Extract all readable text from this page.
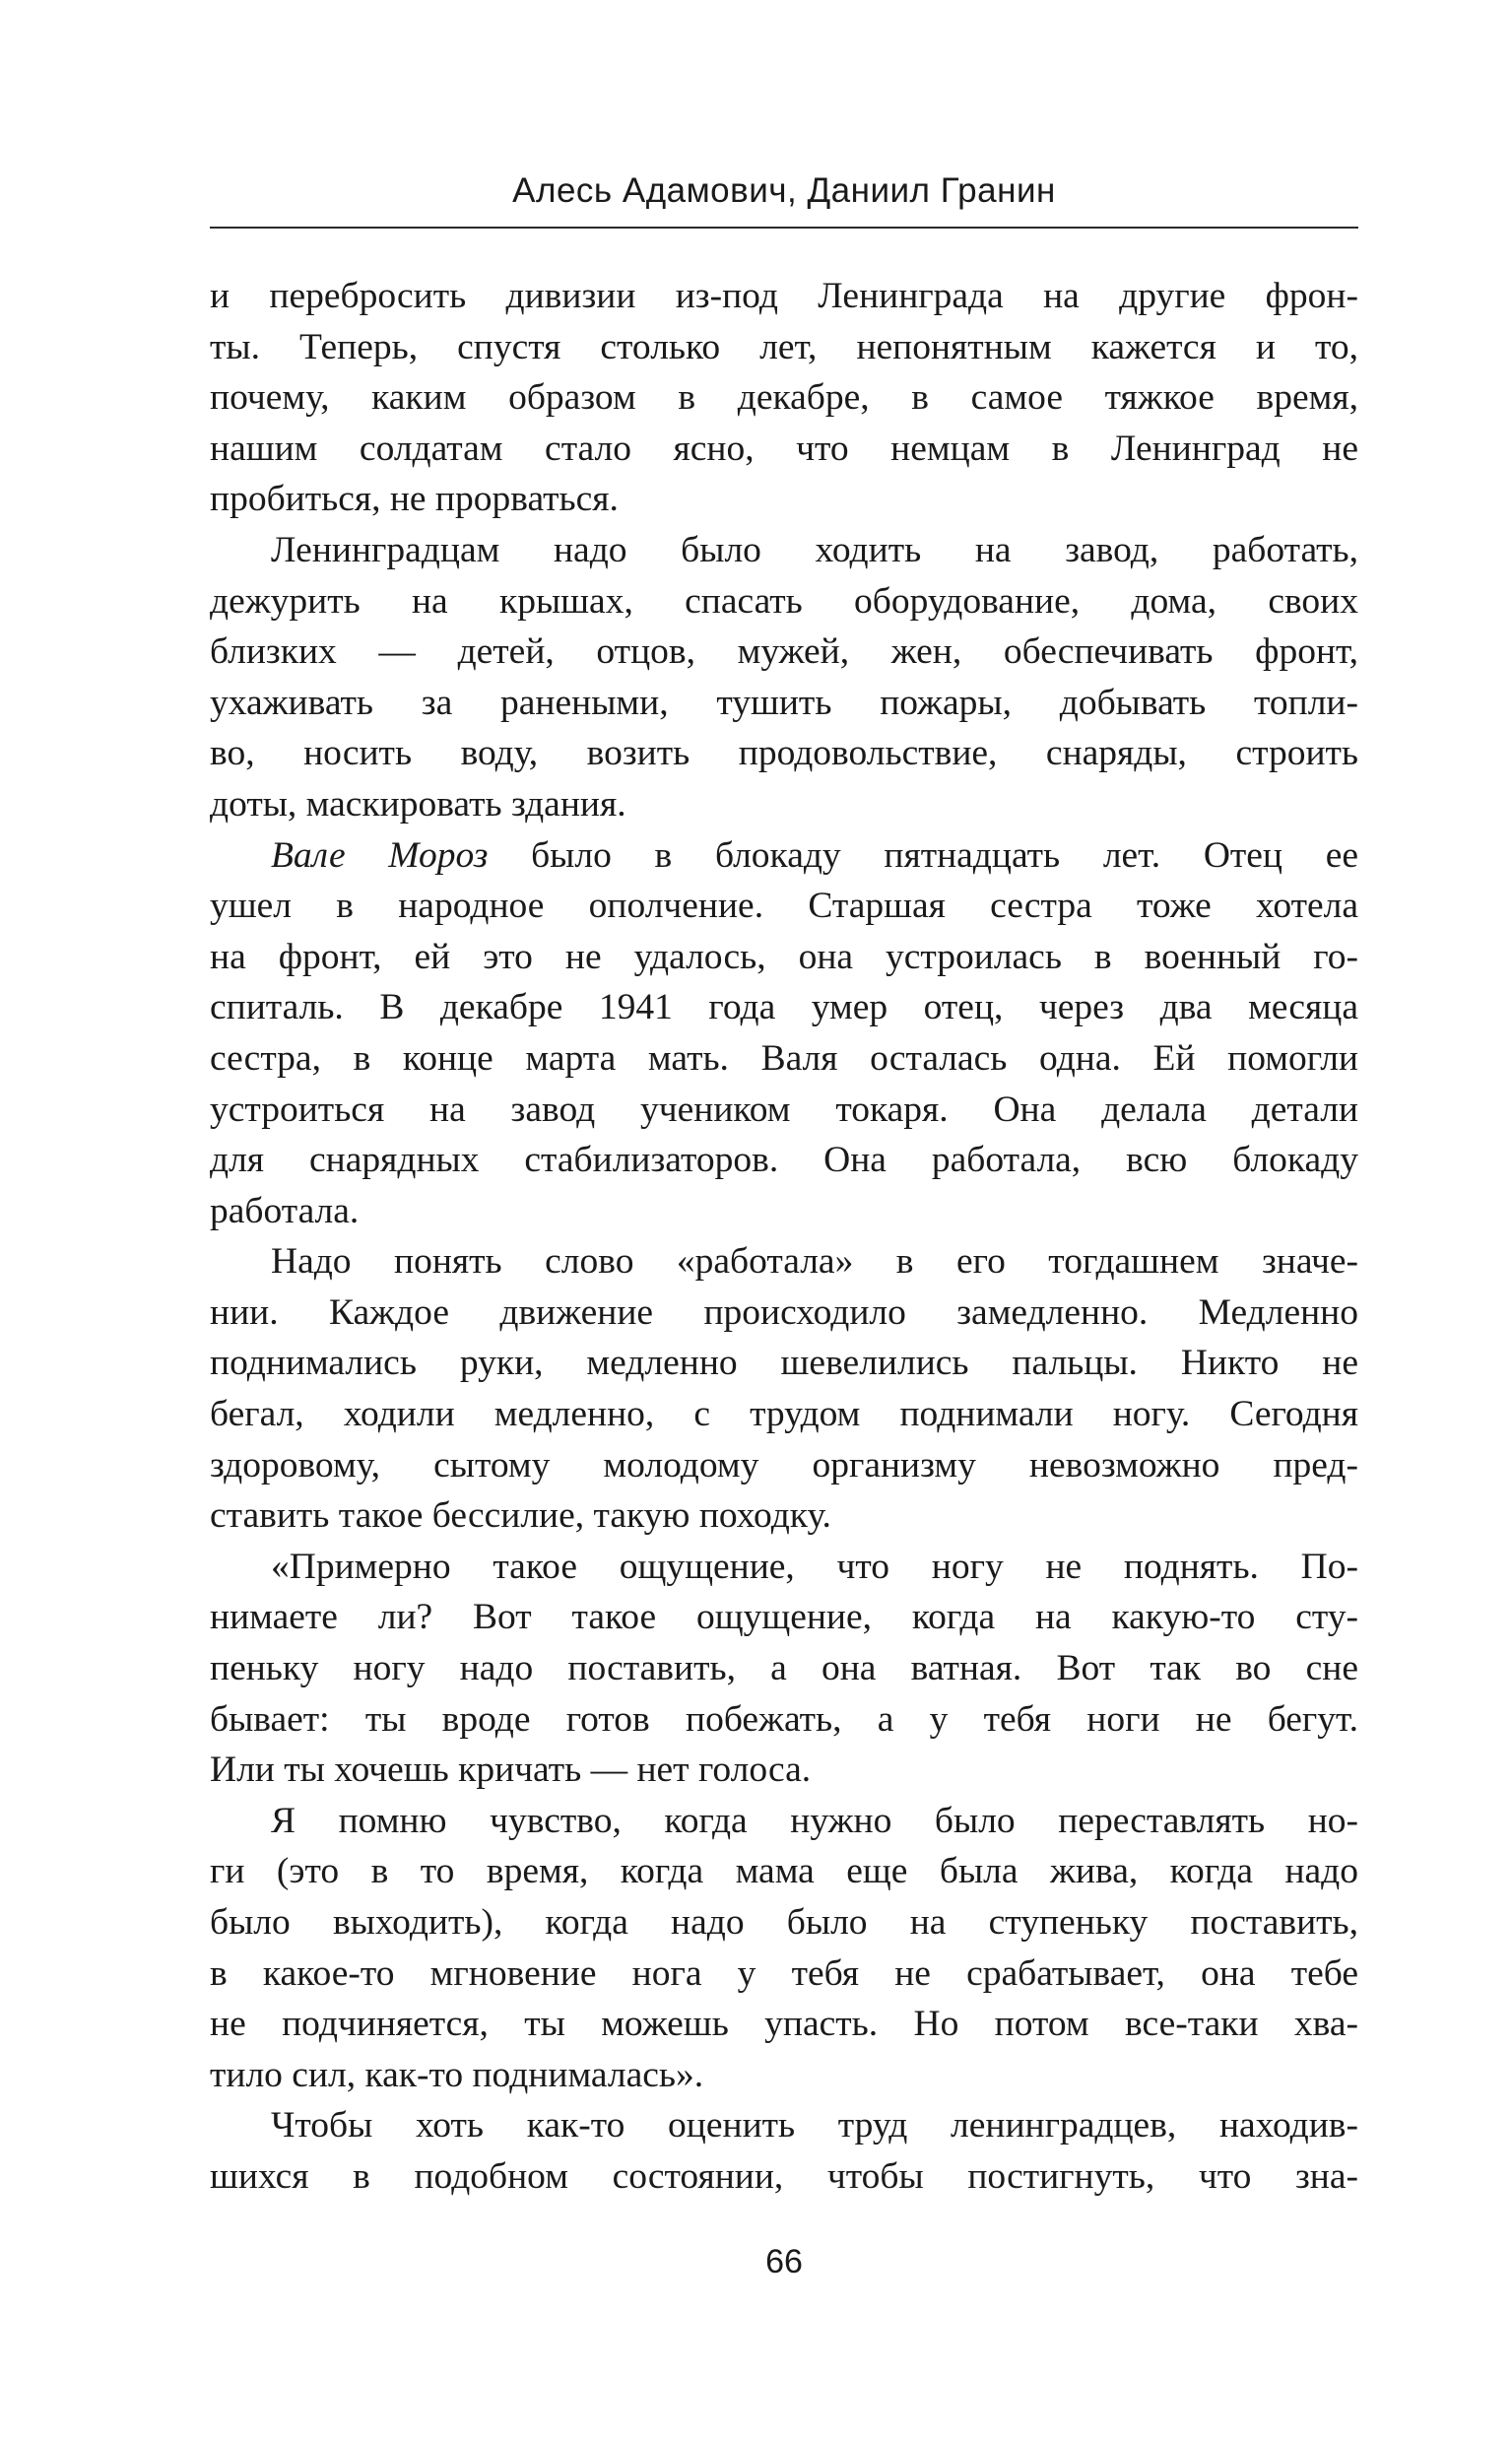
Алесь Адамович, Даниил Гранин
и перебросить дивизии из-под Ленинграда на другие фрон-
ты. Теперь, спустя столько лет, непонятным кажется и то,
почему, каким образом в декабре, в самое тяжкое время,
нашим солдатам стало ясно, что немцам в Ленинград не
пробиться, не прорваться.
Ленинградцам надо было ходить на завод, работать,
дежурить на крышах, спасать оборудование, дома, своих
близких — детей, отцов, мужей, жен, обеспечивать фронт,
ухаживать за ранеными, тушить пожары, добывать топли-
во, носить воду, возить продовольствие, снаряды, строить
доты, маскировать здания.
Вале Мороз было в блокаду пятнадцать лет. Отец ее
ушел в народное ополчение. Старшая сестра тоже хотела
на фронт, ей это не удалось, она устроилась в военный го-
спиталь. В декабре 1941 года умер отец, через два месяца
сестра, в конце марта мать. Валя осталась одна. Ей помогли
устроиться на завод учеником токаря. Она делала детали
для снарядных стабилизаторов. Она работала, всю блокаду
работала.
Надо понять слово «работала» в его тогдашнем значе-
нии. Каждое движение происходило замедленно. Медленно
поднимались руки, медленно шевелились пальцы. Никто не
бегал, ходили медленно, с трудом поднимали ногу. Сегодня
здоровому, сытому молодому организму невозможно пред-
ставить такое бессилие, такую походку.
«Примерно такое ощущение, что ногу не поднять. По-
нимаете ли? Вот такое ощущение, когда на какую-то сту-
пеньку ногу надо поставить, а она ватная. Вот так во сне
бывает: ты вроде готов побежать, а у тебя ноги не бегут.
Или ты хочешь кричать — нет голоса.
Я помню чувство, когда нужно было переставлять но-
ги (это в то время, когда мама еще была жива, когда надо
было выходить), когда надо было на ступеньку поставить,
в какое-то мгновение нога у тебя не срабатывает, она тебе
не подчиняется, ты можешь упасть. Но потом все-таки хва-
тило сил, как-то поднималась».
Чтобы хоть как-то оценить труд ленинградцев, находив-
шихся в подобном состоянии, чтобы постигнуть, что зна-
66
